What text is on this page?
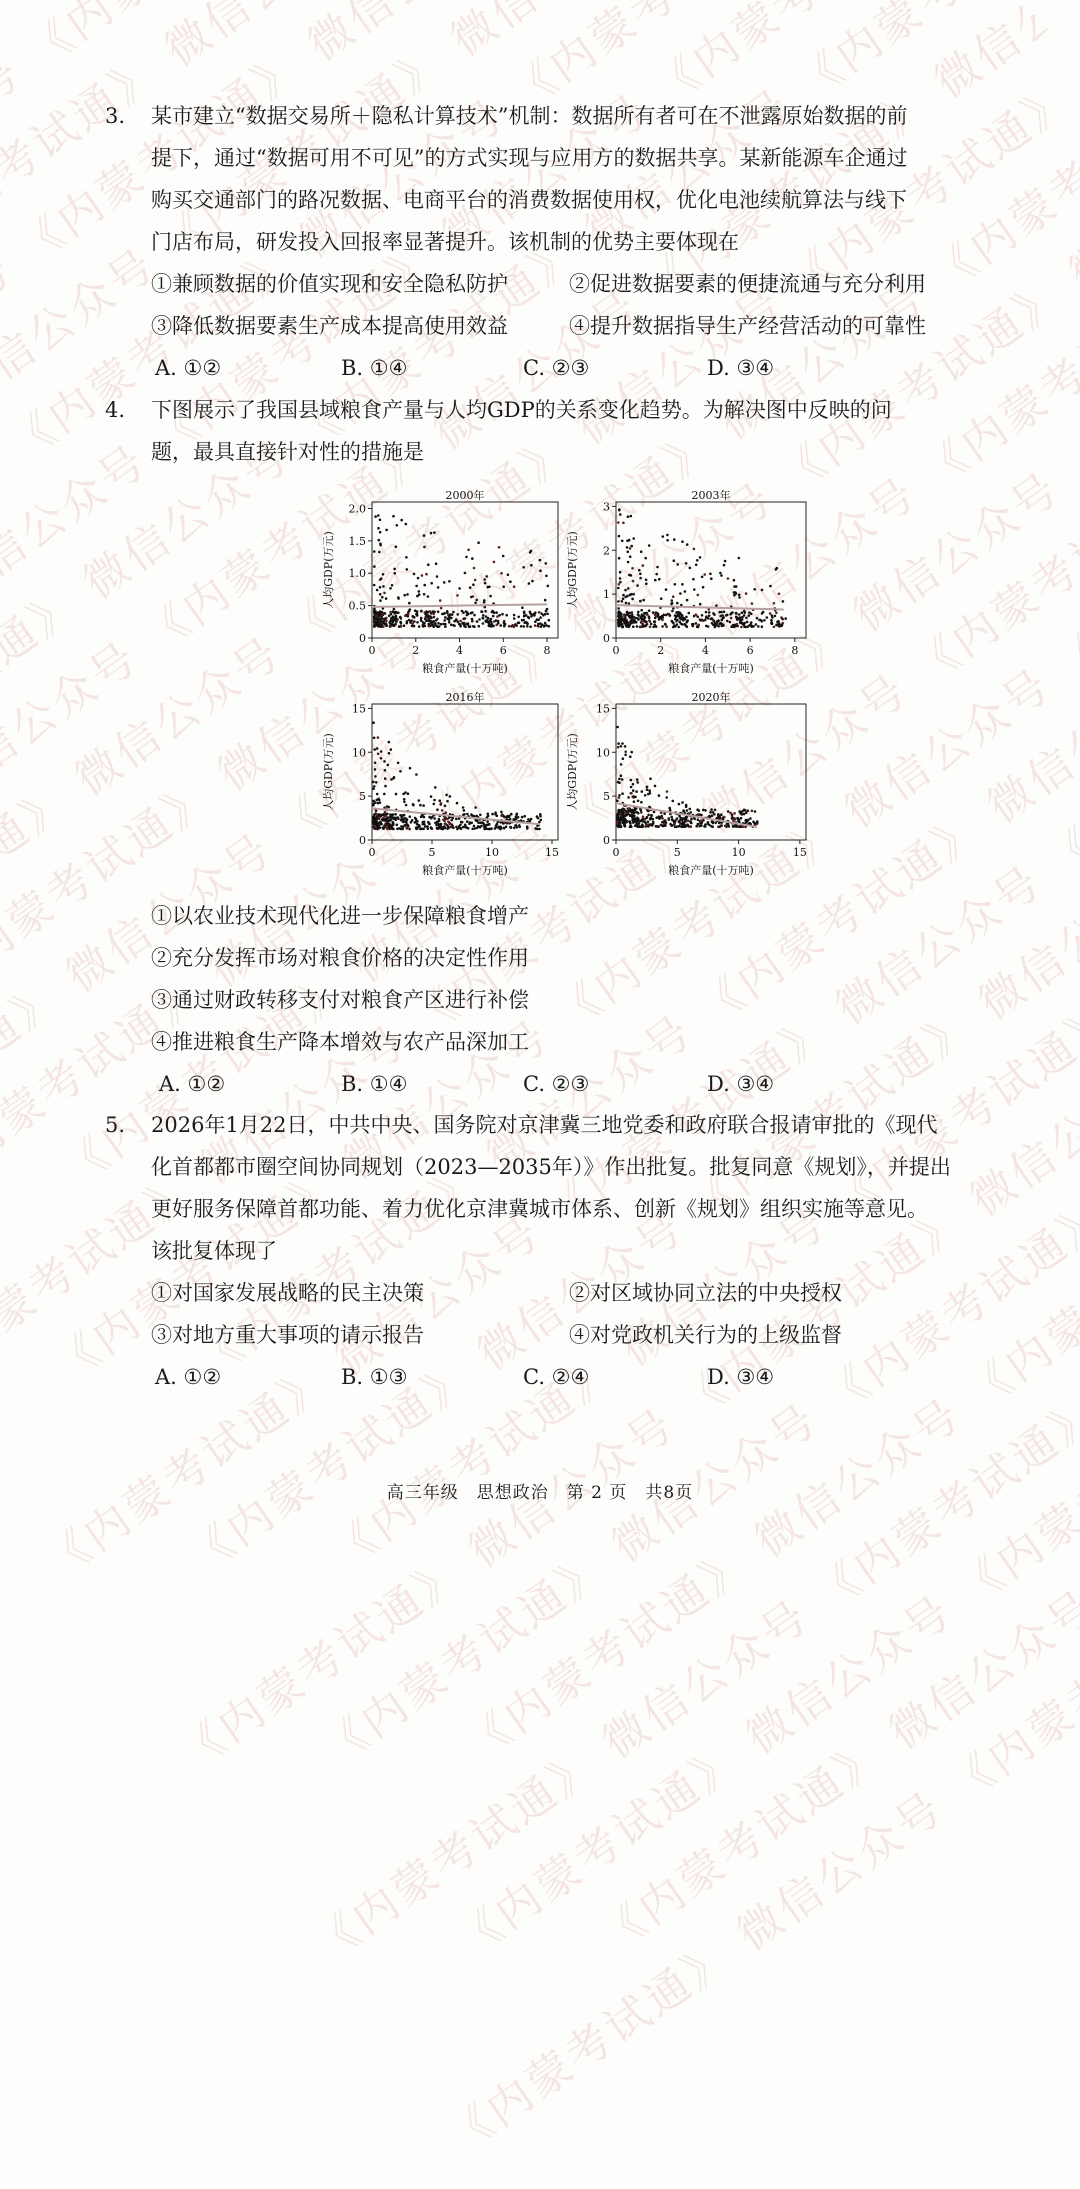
《内蒙考试通》 微信公众号 《内蒙考试通》 微信公众号 《内蒙考试通》 微信公众号
《内蒙考试通》 微信公众号 《内蒙考试通》 微信公众号 《内蒙考试通》
《内蒙考试通》 微信公众号 《内蒙考试通》 微信公众号 《内蒙考试通》
《内蒙考试通》 微信公众号 《内蒙考试通》 微信公众号 《内蒙考试通》
《内蒙考试通》 微信公众号 《内蒙考试通》 微信公众号 《内蒙考试通》
《内蒙考试通》 微信公众号 《内蒙考试通》 微信公众号
《内蒙考试通》 微信公众号 《内蒙考试通》 微信公众号 《内蒙考试通》
《内蒙考试通》 微信公众号 《内蒙考试通》 微信公众号
《内蒙考试通》 微信公众号 《内蒙考试通》
《内蒙考试通》 微信公众号 《内蒙考试通》 微信公众号
《内蒙考试通》 微信公众号 《内蒙考试通》
《内蒙考试通》 微信公众号 《内蒙考试通》
《内蒙考试通》 微信公众号 《内蒙考试通》
《内蒙考试通》 微信公众号 《内蒙考试通》
《内蒙考试通》 微信公众号
《内蒙考试通》 微信公众号 《内蒙考试通》
3.	某市建立“数据交易所＋隐私计算技术”机制：数据所有者可在不泄露原始数据的前
提下，通过“数据可用不可见”的方式实现与应用方的数据共享。某新能源车企通过
购买交通部门的路况数据、电商平台的消费数据使用权，优化电池续航算法与线下
门店布局，研发投入回报率显著提升。该机制的优势主要体现在
①兼顾数据的价值实现和安全隐私防护	②促进数据要素的便捷流通与充分利用
③降低数据要素生产成本提高使用效益	④提升数据指导生产经营活动的可靠性
A. ①②	B. ①④	C. ②③	D. ③④
4.	下图展示了我国县域粮食产量与人均GDP的关系变化趋势。为解决图中反映的问
题，最具直接针对性的措施是
2000年
0	2	4	6	8
0
0.5
1.0
1.5
2.0
粮食产量(十万吨)
人均GDP(万元)
2003年
0	2	4	6	8
0
1
2
3
粮食产量(十万吨)
人均GDP(万元)
2016年
0	5	10	15
0
5
10
15
粮食产量(十万吨)
人均GDP(万元)
2020年
0	5	10	15
0
5
10
15
粮食产量(十万吨)
人均GDP(万元)
①以农业技术现代化进一步保障粮食增产
②充分发挥市场对粮食价格的决定性作用
③通过财政转移支付对粮食产区进行补偿
④推进粮食生产降本增效与农产品深加工
A. ①②	B. ①④	C. ②③	D. ③④
5.	2026年1月22日，中共中央、国务院对京津冀三地党委和政府联合报请审批的《现代
化首都都市圈空间协同规划（2023—2035年）》作出批复。批复同意《规划》，并提出
更好服务保障首都功能、着力优化京津冀城市体系、创新《规划》组织实施等意见。
该批复体现了
①对国家发展战略的民主决策	②对区域协同立法的中央授权
③对地方重大事项的请示报告	④对党政机关行为的上级监督
A. ①②	B. ①③	C. ②④	D. ③④
高三年级　思想政治　第 2 页　共8页
